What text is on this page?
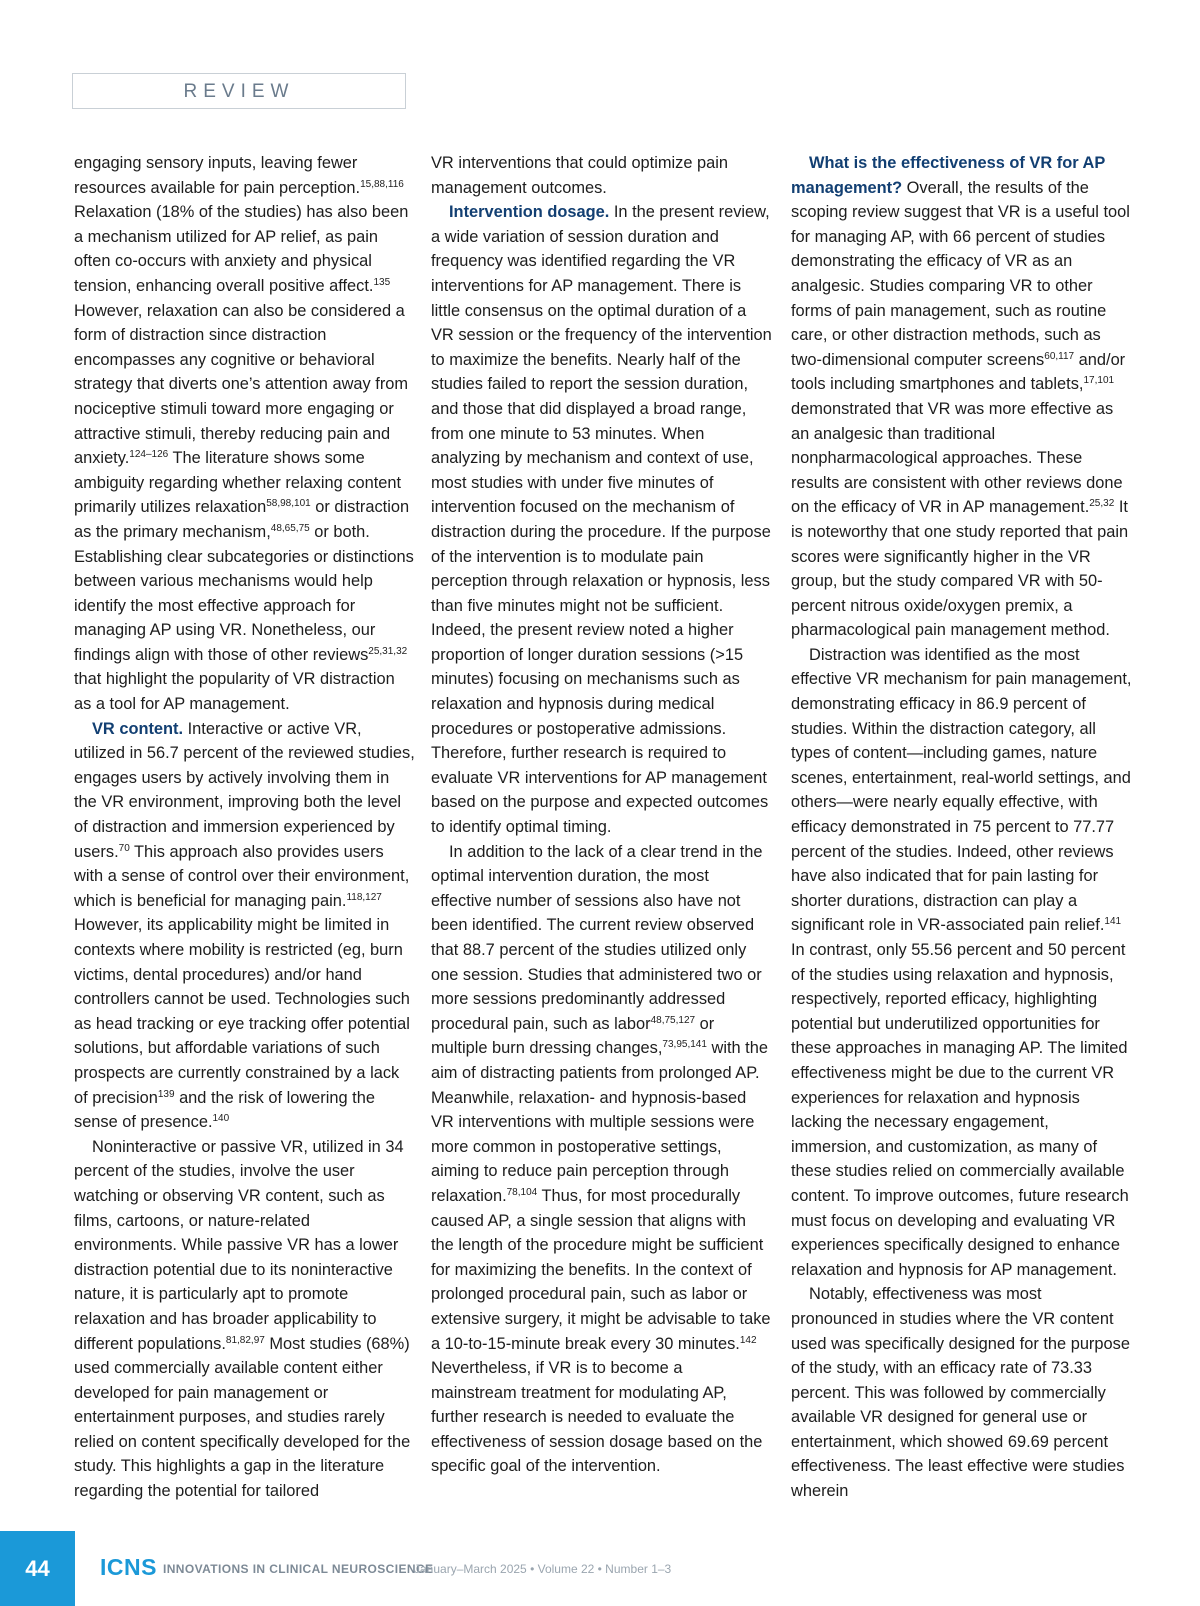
REVIEW

engaging sensory inputs, leaving fewer resources available for pain perception.$^{15,88,116}$ Relaxation (18% of the studies) has also been a mechanism utilized for AP relief, as pain often co-occurs with anxiety and physical tension, enhancing overall positive affect.$^{135}$ However, relaxation can also be considered a form of distraction since distraction encompasses any cognitive or behavioral strategy that diverts one’s attention away from nociceptive stimuli toward more engaging or attractive stimuli, thereby reducing pain and anxiety.$^{124-126}$ The literature shows some ambiguity regarding whether relaxing content primarily utilizes relaxation$^{58,98,101}$ or distraction as the primary mechanism,$^{48,65,75}$ or both. Establishing clear subcategories or distinctions between various mechanisms would help identify the most effective approach for managing AP using VR. Nonetheless, our findings align with those of other reviews$^{25,31,32}$ that highlight the popularity of VR distraction as a tool for AP management.

VR content. Interactive or active VR, utilized in 56.7 percent of the reviewed studies, engages users by actively involving them in the VR environment, improving both the level of distraction and immersion experienced by users.$^{70}$ This approach also provides users with a sense of control over their environment, which is beneficial for managing pain.$^{118,127}$ However, its applicability might be limited in contexts where mobility is restricted (eg, burn victims, dental procedures) and/or hand controllers cannot be used. Technologies such as head tracking or eye tracking offer potential solutions, but affordable variations of such prospects are currently constrained by a lack of precision$^{139}$ and the risk of lowering the sense of presence.$^{140}$

Noninteractive or passive VR, utilized in 34 percent of the studies, involve the user watching or observing VR content, such as films, cartoons, or nature-related environments. While passive VR has a lower distraction potential due to its noninteractive nature, it is particularly apt to promote relaxation and has broader applicability to different populations.$^{81,82,97}$ Most studies (68%) used commercially available content either developed for pain management or entertainment purposes, and studies rarely relied on content specifically developed for the study. This highlights a gap in the literature regarding the potential for tailored

VR interventions that could optimize pain management outcomes.

Intervention dosage. In the present review, a wide variation of session duration and frequency was identified regarding the VR interventions for AP management. There is little consensus on the optimal duration of a VR session or the frequency of the intervention to maximize the benefits. Nearly half of the studies failed to report the session duration, and those that did displayed a broad range, from one minute to 53 minutes. When analyzing by mechanism and context of use, most studies with under five minutes of intervention focused on the mechanism of distraction during the procedure. If the purpose of the intervention is to modulate pain perception through relaxation or hypnosis, less than five minutes might not be sufficient. Indeed, the present review noted a higher proportion of longer duration sessions (>15 minutes) focusing on mechanisms such as relaxation and hypnosis during medical procedures or postoperative admissions. Therefore, further research is required to evaluate VR interventions for AP management based on the purpose and expected outcomes to identify optimal timing.

In addition to the lack of a clear trend in the optimal intervention duration, the most effective number of sessions also have not been identified. The current review observed that 88.7 percent of the studies utilized only one session. Studies that administered two or more sessions predominantly addressed procedural pain, such as labor$^{48,75,127}$ or multiple burn dressing changes,$^{73,95,141}$ with the aim of distracting patients from prolonged AP. Meanwhile, relaxation- and hypnosis-based VR interventions with multiple sessions were more common in postoperative settings, aiming to reduce pain perception through relaxation.$^{78,104}$ Thus, for most procedurally caused AP, a single session that aligns with the length of the procedure might be sufficient for maximizing the benefits. In the context of prolonged procedural pain, such as labor or extensive surgery, it might be advisable to take a 10-to-15-minute break every 30 minutes.$^{142}$ Nevertheless, if VR is to become a mainstream treatment for modulating AP, further research is needed to evaluate the effectiveness of session dosage based on the specific goal of the intervention.

What is the effectiveness of VR for AP management? Overall, the results of the scoping review suggest that VR is a useful tool for managing AP, with 66 percent of studies demonstrating the efficacy of VR as an analgesic. Studies comparing VR to other forms of pain management, such as routine care, or other distraction methods, such as two-dimensional computer screens$^{60,117}$ and/or tools including smartphones and tablets,$^{17,101}$ demonstrated that VR was more effective as an analgesic than traditional nonpharmacological approaches. These results are consistent with other reviews done on the efficacy of VR in AP management.$^{25,32}$ It is noteworthy that one study reported that pain scores were significantly higher in the VR group, but the study compared VR with 50-percent nitrous oxide/oxygen premix, a pharmacological pain management method.

Distraction was identified as the most effective VR mechanism for pain management, demonstrating efficacy in 86.9 percent of studies. Within the distraction category, all types of content—including games, nature scenes, entertainment, real-world settings, and others—were nearly equally effective, with efficacy demonstrated in 75 percent to 77.77 percent of the studies. Indeed, other reviews have also indicated that for pain lasting for shorter durations, distraction can play a significant role in VR-associated pain relief.$^{141}$ In contrast, only 55.56 percent and 50 percent of the studies using relaxation and hypnosis, respectively, reported efficacy, highlighting potential but underutilized opportunities for these approaches in managing AP. The limited effectiveness might be due to the current VR experiences for relaxation and hypnosis lacking the necessary engagement, immersion, and customization, as many of these studies relied on commercially available content. To improve outcomes, future research must focus on developing and evaluating VR experiences specifically designed to enhance relaxation and hypnosis for AP management.

Notably, effectiveness was most pronounced in studies where the VR content used was specifically designed for the purpose of the study, with an efficacy rate of 73.33 percent. This was followed by commercially available VR designed for general use or entertainment, which showed 69.69 percent effectiveness. The least effective were studies wherein

44 ICNS INNOVATIONS IN CLINICAL NEUROSCIENCE
January–March 2025 • Volume 22 • Number 1–3
